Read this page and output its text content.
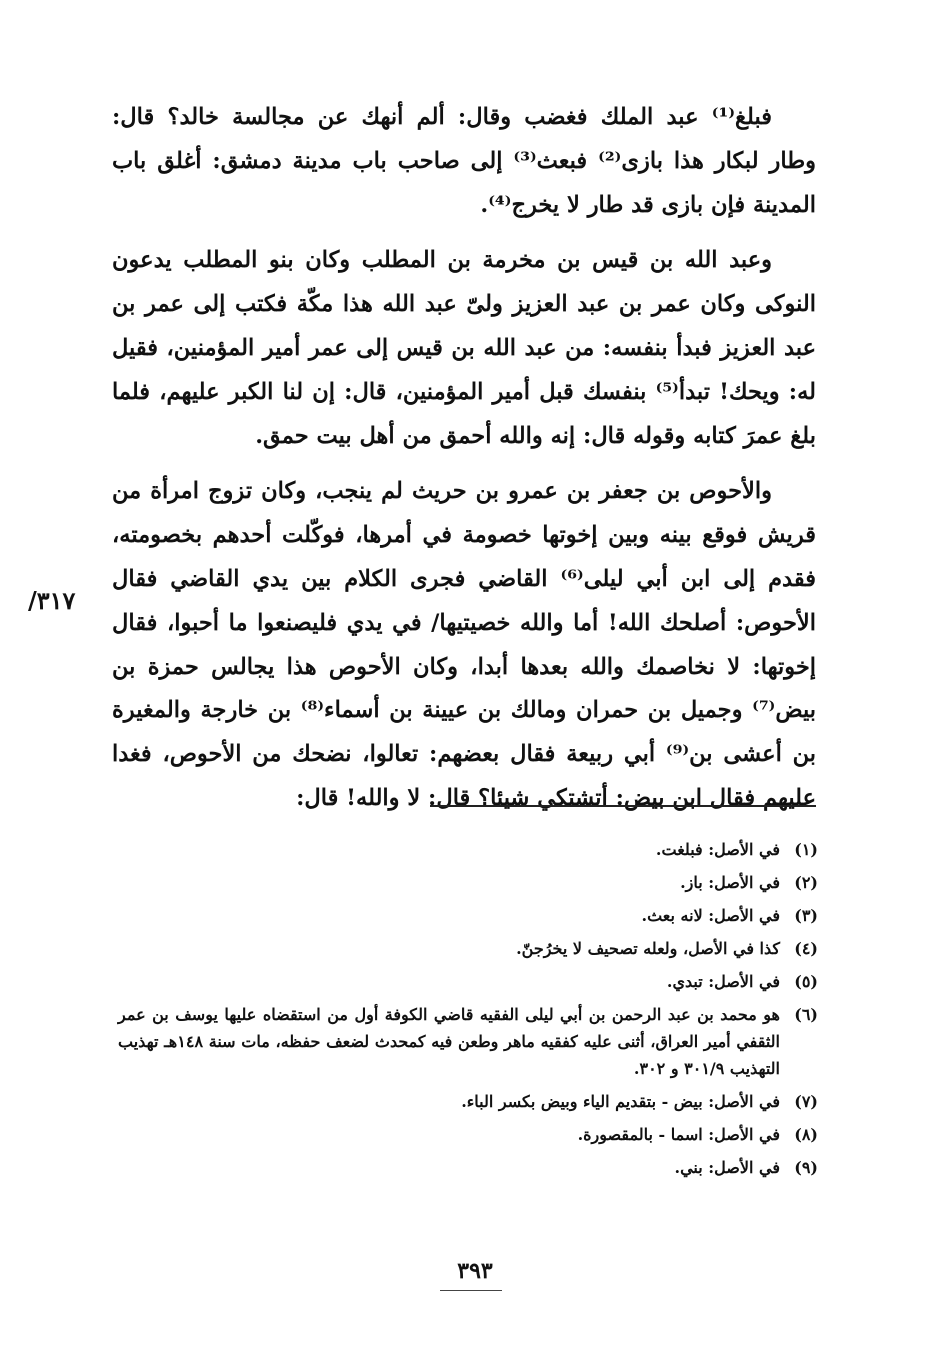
فبلغ⁽¹⁾ عبد الملك فغضب وقال: ألم أنهك عن مجالسة خالد؟ قال: وطار لبكار هذا بازى⁽²⁾ فبعث⁽³⁾ إلى صاحب باب مدينة دمشق: أغلق باب المدينة فإن بازى قد طار لا يخرج⁽⁴⁾.

وعبد الله بن قيس بن مخرمة بن المطلب وكان بنو المطلب يدعون النوكى وكان عمر بن عبد العزيز ولىّ عبد الله هذا مكّة فكتب إلى عمر بن عبد العزيز فبدأ بنفسه: من عبد الله بن قيس إلى عمر أمير المؤمنين، فقيل له: ويحك! تبدأ⁽⁵⁾ بنفسك قبل أمير المؤمنين، قال: إن لنا الكبر عليهم، فلما بلغ عمرَ كتابه وقوله قال: إنه والله أحمق من أهل بيت حمق.

والأحوص بن جعفر بن عمرو بن حريث لم ينجب، وكان تزوج امرأة من قريش فوقع بينه وبين إخوتها خصومة في أمرها، فوكّلت أحدهم بخصومته، فقدم إلى ابن أبي ليلى⁽⁶⁾ القاضي فجرى الكلام بين يدي القاضي فقال الأحوص: أصلحك الله! أما والله خصيتيها/ في يدي فليصنعوا ما أحبوا، فقال إخوتها: لا نخاصمك والله بعدها أبدا، وكان الأحوص هذا يجالس حمزة بن بيض⁽⁷⁾ وجميل بن حمران ومالك بن عيينة بن أسماء⁽⁸⁾ بن خارجة والمغيرة بن أعشى بن⁽⁹⁾ أبي ربيعة فقال بعضهم: تعالوا، نضحك من الأحوص، فغدا عليهم فقال ابن بيض: أتشتكي شيئا؟ قال: لا والله! قال:

٣١٧/
(١)
في الأصل: فبلغت.
(٢)
في الأصل: باز.
(٣)
في الأصل: لانه بعث.
(٤)
كذا في الأصل، ولعله تصحيف لا يخرُجنّ.
(٥)
في الأصل: تبدي.
(٦)
هو محمد بن عبد الرحمن بن أبي ليلى الفقيه قاضي الكوفة أول من استقضاه عليها يوسف بن عمر الثقفي أمير العراق، أثنى عليه كفقيه ماهر وطعن فيه كمحدث لضعف حفظه، مات سنة ١٤٨هـ تهذيب التهذيب ٣٠١/٩ و ٣٠٢.
(٧)
في الأصل: بيض - بتقديم الياء وبيض بكسر الباء.
(٨)
في الأصل: اسما - بالمقصورة.
(٩)
في الأصل: بني.
٣٩٣
